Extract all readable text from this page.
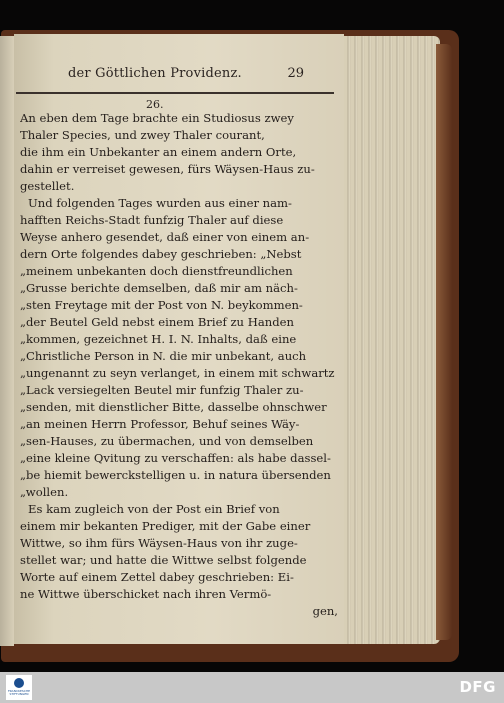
der Göttlichen Providenz.	29
26.
An eben dem Tage brachte ein Studiosus zwey
Thaler Species, und zwey Thaler courant,
die ihm ein Unbekanter an einem andern Orte,
dahin er verreiset gewesen, fürs Wäysen-Haus zu-
gestellet.
Und folgenden Tages wurden aus einer nam-
hafften Reichs-Stadt funfzig Thaler auf diese
Weyse anhero gesendet, daß einer von einem an-
dern Orte folgendes dabey geschrieben: „Nebst
„meinem unbekanten doch dienstfreundlichen
„Grusse berichte demselben, daß mir am näch-
„sten Freytage mit der Post von N. beykommen-
„der Beutel Geld nebst einem Brief zu Handen
„kommen, gezeichnet H. I. N. Inhalts, daß eine
„Christliche Person in N. die mir unbekant, auch
„ungenannt zu seyn verlanget, in einem mit schwartz
„Lack versiegelten Beutel mir funfzig Thaler zu-
„senden, mit dienstlicher Bitte, dasselbe ohnschwer
„an meinen Herrn Professor, Behuf seines Wäy-
„sen-Hauses, zu übermachen, und von demselben
„eine kleine Qvitung zu verschaffen: als habe dassel-
„be hiemit bewerckstelligen u. in natura übersenden
„wollen.
Es kam zugleich von der Post ein Brief von
einem mir bekanten Prediger, mit der Gabe einer
Wittwe, so ihm fürs Wäysen-Haus von ihr zuge-
stellet war; und hatte die Wittwe selbst folgende
Worte auf einem Zettel dabey geschrieben: Ei-
ne Wittwe überschicket nach ihren Vermö-
gen,
FRANCKESCHE STIFTUNGEN	DFG
